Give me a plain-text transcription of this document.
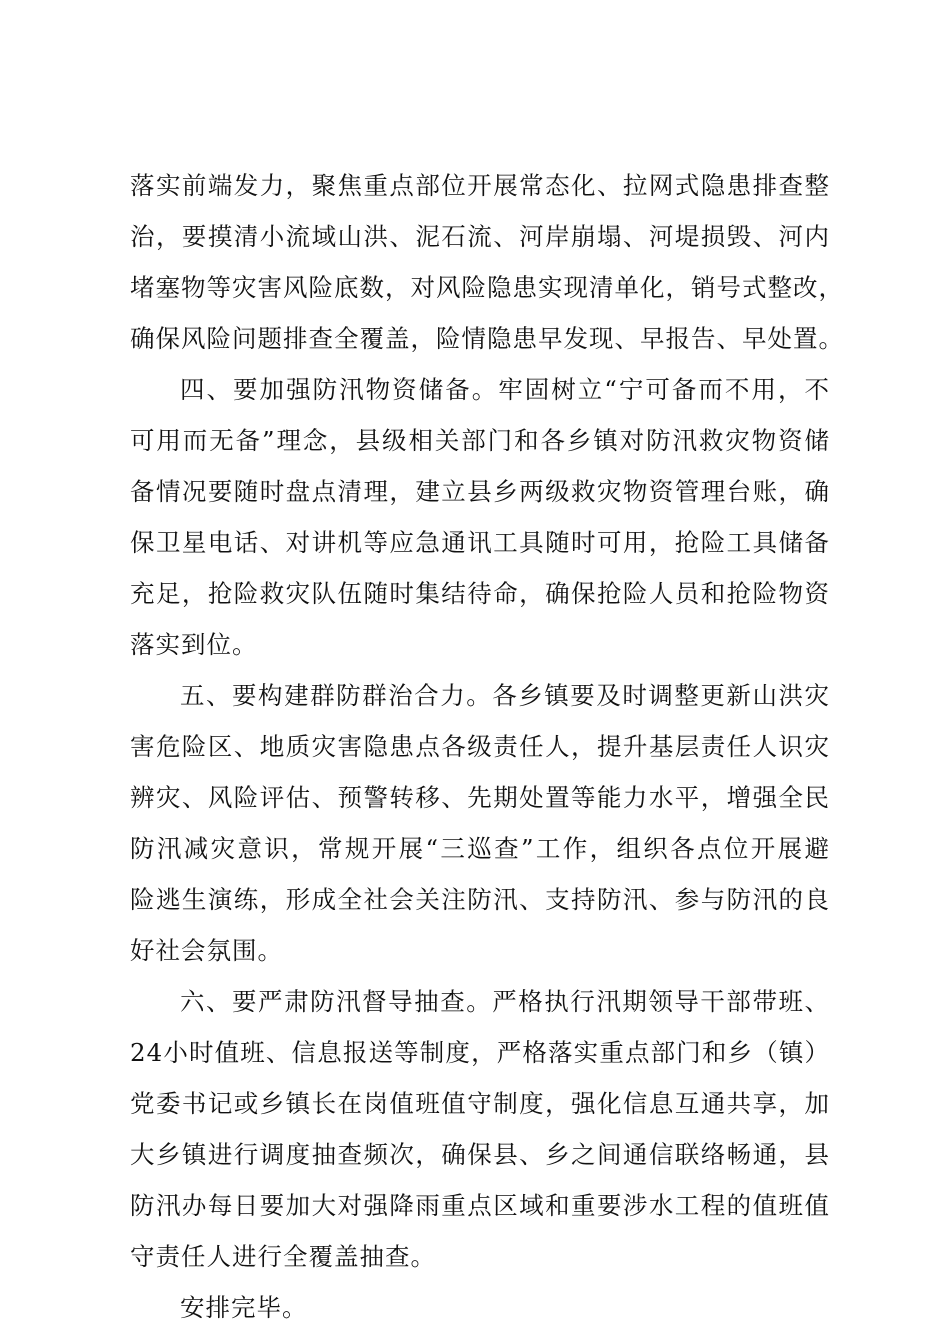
落实前端发力，聚焦重点部位开展常态化、拉网式隐患排查整
治，要摸清小流域山洪、泥石流、河岸崩塌、河堤损毁、河内
堵塞物等灾害风险底数，对风险隐患实现清单化，销号式整改，
确保风险问题排查全覆盖，险情隐患早发现、早报告、早处置。
四、要加强防汛物资储备。牢固树立“宁可备而不用，不
可用而无备”理念，县级相关部门和各乡镇对防汛救灾物资储
备情况要随时盘点清理，建立县乡两级救灾物资管理台账，确
保卫星电话、对讲机等应急通讯工具随时可用，抢险工具储备
充足，抢险救灾队伍随时集结待命，确保抢险人员和抢险物资
落实到位。
五、要构建群防群治合力。各乡镇要及时调整更新山洪灾
害危险区、地质灾害隐患点各级责任人，提升基层责任人识灾
辨灾、风险评估、预警转移、先期处置等能力水平，增强全民
防汛减灾意识，常规开展“三巡查”工作，组织各点位开展避
险逃生演练，形成全社会关注防汛、支持防汛、参与防汛的良
好社会氛围。
六、要严肃防汛督导抽查。严格执行汛期领导干部带班、
24小时值班、信息报送等制度，严格落实重点部门和乡（镇）
党委书记或乡镇长在岗值班值守制度，强化信息互通共享，加
大乡镇进行调度抽查频次，确保县、乡之间通信联络畅通，县
防汛办每日要加大对强降雨重点区域和重要涉水工程的值班值
守责任人进行全覆盖抽查。
安排完毕。
